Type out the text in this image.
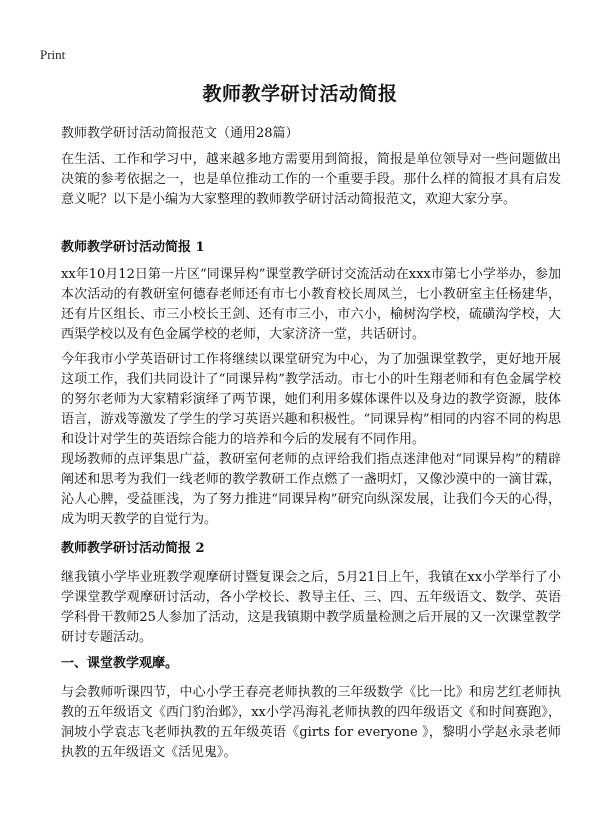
Print
教师教学研讨活动简报
教师教学研讨活动简报范文（通用28篇）

在生活、工作和学习中，越来越多地方需要用到简报，简报是单位领导对一些问题做出决策的参考依据之一，也是单位推动工作的一个重要手段。那什么样的简报才具有启发意义呢？以下是小编为大家整理的教师教学研讨活动简报范文，欢迎大家分享。

教师教学研讨活动简报 1

xx年10月12日第一片区“同课异构”课堂教学研讨交流活动在xxx市第七小学举办，参加本次活动的有教研室何德春老师还有市七小教育校长周凤兰，七小教研室主任杨建华，还有片区组长、市三小校长王剑、还有市三小，市六小，榆树沟学校，硫磺沟学校，大西渠学校以及有色金属学校的老师，大家济济一堂，共话研讨。

今年我市小学英语研讨工作将继续以课堂研究为中心，为了加强课堂教学，更好地开展这项工作，我们共同设计了“同课异构”教学活动。市七小的叶生翔老师和有色金属学校的努尔老师为大家精彩演绎了两节课，她们利用多媒体课件以及身边的教学资源，肢体语言，游戏等激发了学生的学习英语兴趣和积极性。“同课异构”相同的内容不同的构思和设计对学生的英语综合能力的培养和今后的发展有不同作用。

现场教师的点评集思广益，教研室何老师的点评给我们指点迷津他对“同课异构”的精辟阐述和思考为我们一线老师的教学教研工作点燃了一盏明灯，又像沙漠中的一滴甘霖，沁人心脾，受益匪浅，为了努力推进“同课异构”研究向纵深发展，让我们今天的心得，成为明天教学的自觉行为。

教师教学研讨活动简报 2

继我镇小学毕业班教学观摩研讨暨复课会之后，5月21日上午，我镇在xx小学举行了小学课堂教学观摩研讨活动，各小学校长、教导主任、三、四、五年级语文、数学、英语学科骨干教师25人参加了活动，这是我镇期中教学质量检测之后开展的又一次课堂教学研讨专题活动。

一、课堂教学观摩。

与会教师听课四节，中心小学王春亮老师执教的三年级数学《比一比》和房艺红老师执教的五年级语文《西门豹治邺》，xx小学冯海礼老师执教的四年级语文《和时间赛跑》，洞坡小学袁志飞老师执教的五年级英语《girts for everyone 》，黎明小学赵永录老师执教的五年级语文《活见鬼》。
